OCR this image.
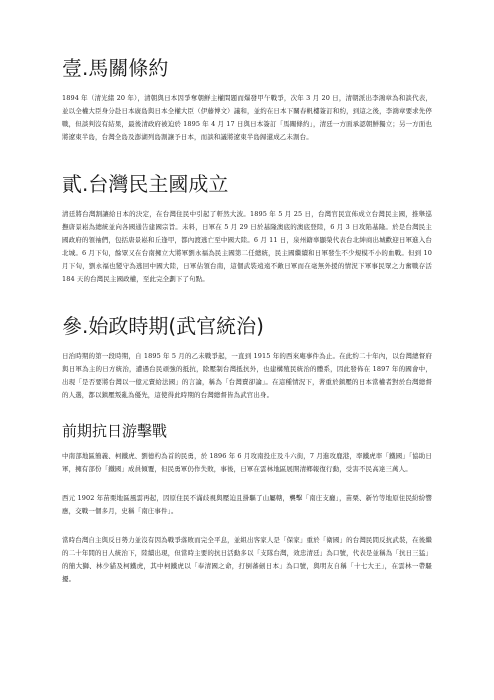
壹.馬關條約

1894 年（清光緒 20 年），清朝與日本因爭奪朝鮮主權問題而爆發甲午戰爭，次年 3 月 20 日，清朝派出李鴻章為和談代表，並以全權大臣身分赴日本廣島與日本全權大臣（伊藤博文）議和，並約在日本下關春帆樓簽訂和約，到這之後，李鴻章要求先停戰，但談判沒有結果，最後清政府被迫於 1895 年 4 月 17 日與日本簽訂「馬關條約」，清廷一方面承認朝鮮獨立；另一方面也將遼東半島，台灣全島及澎湖列島割讓予日本，而談和議將遼東半島歸還成乙未割台。

貳.台灣民主國成立

清廷將台灣割讓給日本的決定，在台灣住民中引起了軒然大波。1895 年 5 月 25 日，台灣官民宣佈成立台灣民主國，推舉巡撫唐景崧為總統並向各國通告建國宗旨。未料，日軍在 5 月 29 日於基隆澳底的澳底登陸，6 月 3 日攻陷基隆。於是台灣民主國政府的領袖們，包括唐景崧和丘逢甲，都內渡逃亡至中國大陸。6 月 11 日，泉州籍辜顯榮代表台北紳商出城歡迎日軍進入台北城。6 月下旬，餘眾又在台南擁立大將軍劉永福為民主國第二任總統，民主國繼續和日軍發生不少規模不小的血戰。但到 10 月下旬，劉永福也變守為逃回中國大陸，日軍佔領台南，這個武裝遠遠不敵日軍而在毫無外援的情況下軍事民眾之力奮戰存活 184 天的台灣民主國政權，至此完全劃下了句點。

參.始政時期(武官統治)

日治時期的第一段時期，自 1895 年 5 月的乙未戰爭起，一直到 1915 年的西來庵事件為止。在此約二十年內，以台灣總督府與日軍為主的日方統治，遭遇台民頑強的抵抗，除壓制台灣抵抗外，也建構殖民統治的體系，因此發佈在 1897 年的國會中，出現「是否要將台灣以一億元賣給法國」的言論，稱為「台灣賣卻論」。在這種情況下，著重於鎮壓的日本當權者對於台灣總督的人選，都以鎮壓叛亂為優先，這使得此時期的台灣總督皆為武官出身。

前期抗日游擊戰

中南部地區簡義、柯鐵虎、劉德杓為首的民勇，於 1896 年 6 月攻南投庄及斗六街，7 月進攻鹿港，率鐵虎率「鐵國」「協助日軍，擁有部份「鐵國」成員傾覆，但民勇軍仍作失敗，事後，日軍在雲林地區展開清鄉報復行動，受害不民高達三萬人。

西元 1902 年苗栗地區風雲再起，因原住民不滿歧視與壓迫且掛驅了山屬轄，襲擊「南庄支廳」，苗栗、新竹等地原住民紛紛響應，交戰一個多月，史稱「南庄事件」。

當時台灣自主與反日勢力並沒有因為戰爭落敗而完全平息，並組出客家人是「保家」重於「衛國」的台灣民間反抗武裝，在後繼的二十年間的日人統治下，陸續出現，但當時主要的抗日活動多以「支隊台灣，效忠清廷」為口號，代表是並稱為「抗日三猛」的簡大獅、林少貓及柯鐵虎，其中柯鐵虎以「奉清國之命，打倒蕃劍日本」為口號，與明友自稱「十七大王」，在雲林一帶騷擾。
